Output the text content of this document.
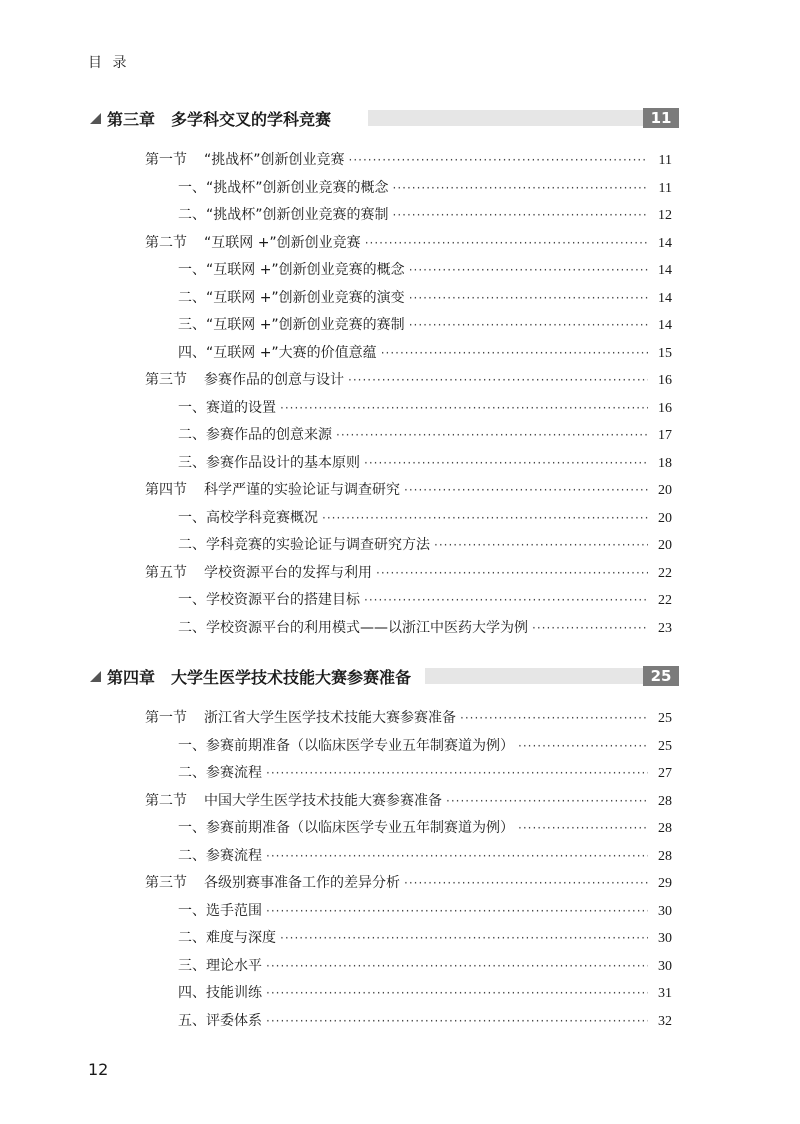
目 录
第三章 多学科交叉的学科竞赛	11
第一节 “挑战杯”创新创业竞赛 ·····	11
一、“挑战杯”创新创业竞赛的概念 ·····	11
二、“挑战杯”创新创业竞赛的赛制 ·····	12
第二节 “互联网 +”创新创业竞赛 ·····	14
一、“互联网 +”创新创业竞赛的概念 ·····	14
二、“互联网 +”创新创业竞赛的演变 ·····	14
三、“互联网 +”创新创业竞赛的赛制 ·····	14
四、“互联网 +”大赛的价值意蕴 ·····	15
第三节 参赛作品的创意与设计 ·····	16
一、赛道的设置 ·····	16
二、参赛作品的创意来源 ·····	17
三、参赛作品设计的基本原则 ·····	18
第四节 科学严谨的实验论证与调查研究 ·····	20
一、高校学科竞赛概况 ·····	20
二、学科竞赛的实验论证与调查研究方法 ·····	20
第五节 学校资源平台的发挥与利用 ·····	22
一、学校资源平台的搭建目标 ·····	22
二、学校资源平台的利用模式——以浙江中医药大学为例 ·····	23
第四章 大学生医学技术技能大赛参赛准备	25
第一节 浙江省大学生医学技术技能大赛参赛准备 ·····	25
一、参赛前期准备（以临床医学专业五年制赛道为例） ·····	25
二、参赛流程 ·····	27
第二节 中国大学生医学技术技能大赛参赛准备 ·····	28
一、参赛前期准备（以临床医学专业五年制赛道为例） ·····	28
二、参赛流程 ·····	28
第三节 各级别赛事准备工作的差异分析 ·····	29
一、选手范围 ·····	30
二、难度与深度 ·····	30
三、理论水平 ·····	30
四、技能训练 ·····	31
五、评委体系 ·····	32
12
